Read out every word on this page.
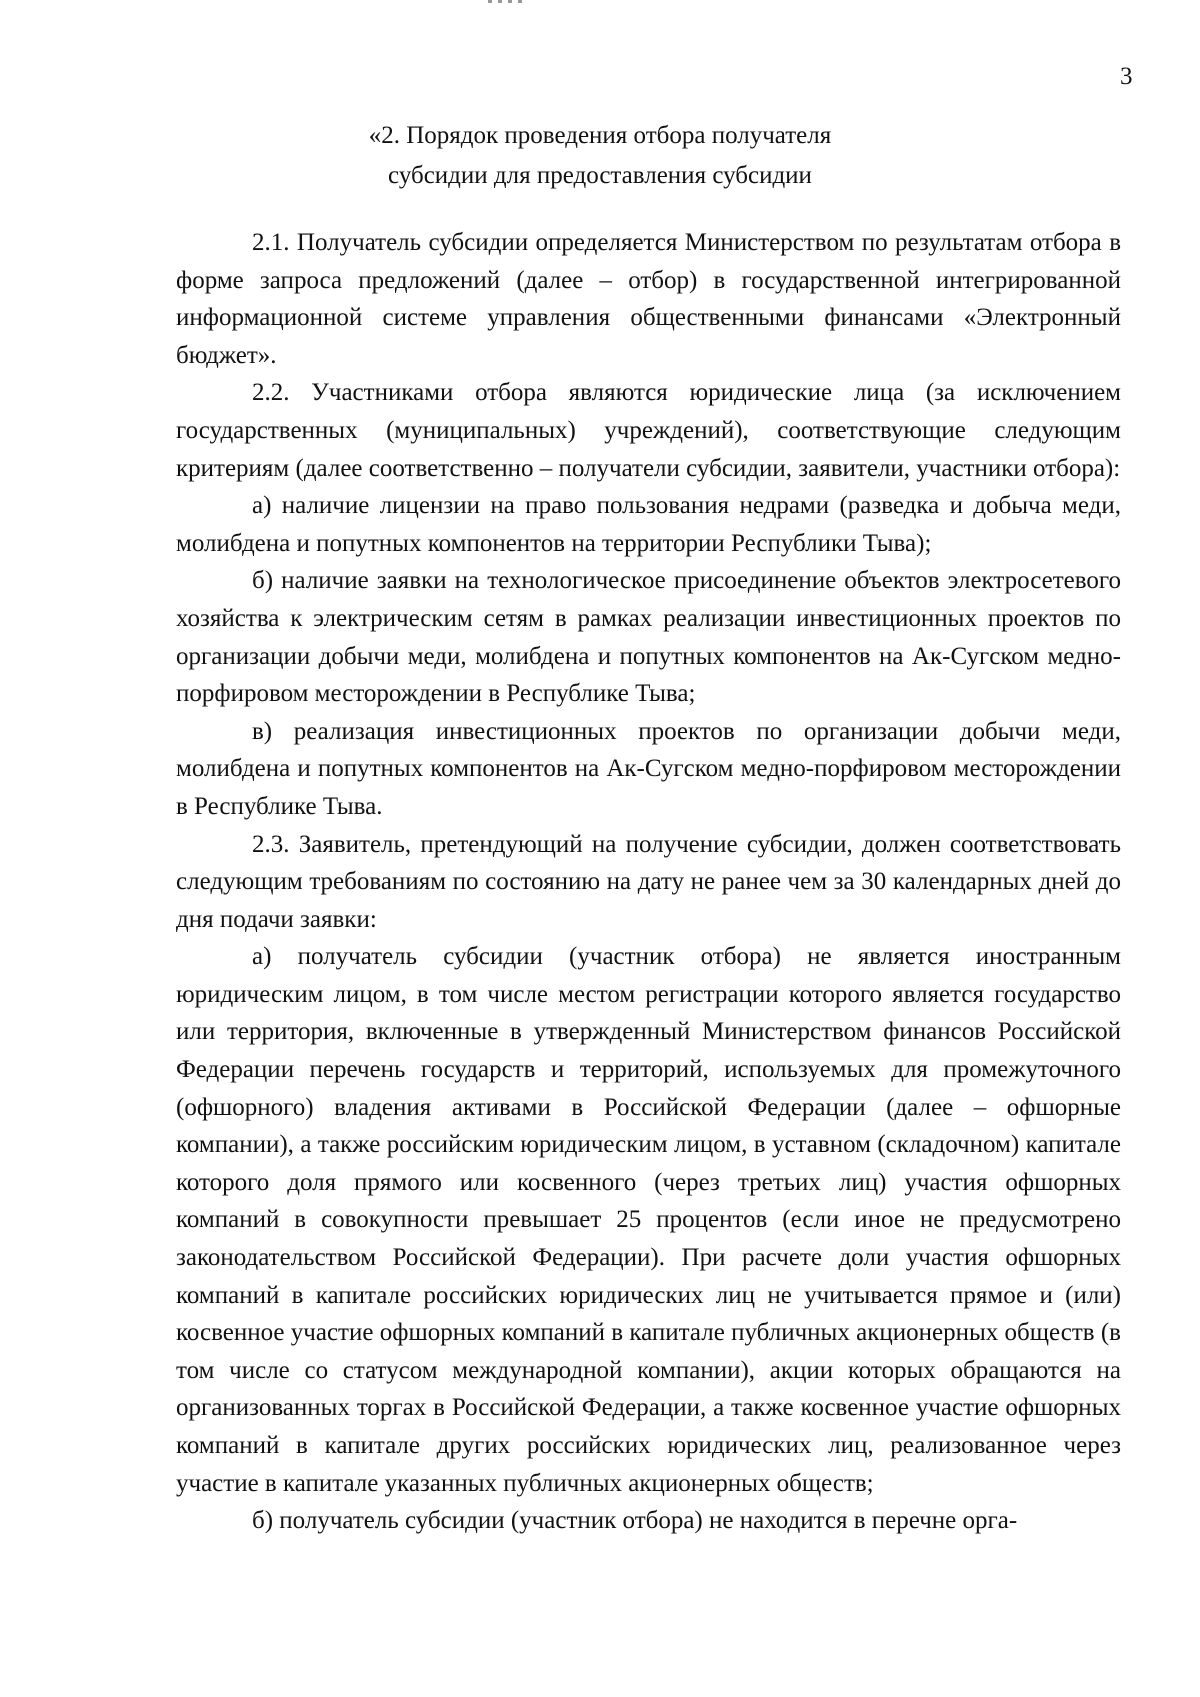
3
«2. Порядок проведения отбора получателя
субсидии для предоставления субсидии

2.1. Получатель субсидии определяется Министерством по результатам отбора в форме запроса предложений (далее – отбор) в государственной интегрированной информационной системе управления общественными финансами «Электронный бюджет».

2.2. Участниками отбора являются юридические лица (за исключением государственных (муниципальных) учреждений), соответствующие следующим критериям (далее соответственно – получатели субсидии, заявители, участники отбора):

а) наличие лицензии на право пользования недрами (разведка и добыча меди, молибдена и попутных компонентов на территории Республики Тыва);

б) наличие заявки на технологическое присоединение объектов электросетевого хозяйства к электрическим сетям в рамках реализации инвестиционных проектов по организации добычи меди, молибдена и попутных компонентов на Ак-Сугском медно-порфировом месторождении в Республике Тыва;

в) реализация инвестиционных проектов по организации добычи меди, молибдена и попутных компонентов на Ак-Сугском медно-порфировом месторождении в Республике Тыва.

2.3. Заявитель, претендующий на получение субсидии, должен соответствовать следующим требованиям по состоянию на дату не ранее чем за 30 календарных дней до дня подачи заявки:

а) получатель субсидии (участник отбора) не является иностранным юридическим лицом, в том числе местом регистрации которого является государство или территория, включенные в утвержденный Министерством финансов Российской Федерации перечень государств и территорий, используемых для промежуточного (офшорного) владения активами в Российской Федерации (далее – офшорные компании), а также российским юридическим лицом, в уставном (складочном) капитале которого доля прямого или косвенного (через третьих лиц) участия офшорных компаний в совокупности превышает 25 процентов (если иное не предусмотрено законодательством Российской Федерации). При расчете доли участия офшорных компаний в капитале российских юридических лиц не учитывается прямое и (или) косвенное участие офшорных компаний в капитале публичных акционерных обществ (в том числе со статусом международной компании), акции которых обращаются на организованных торгах в Российской Федерации, а также косвенное участие офшорных компаний в капитале других российских юридических лиц, реализованное через участие в капитале указанных публичных акционерных обществ;

б) получатель субсидии (участник отбора) не находится в перечне орга-
